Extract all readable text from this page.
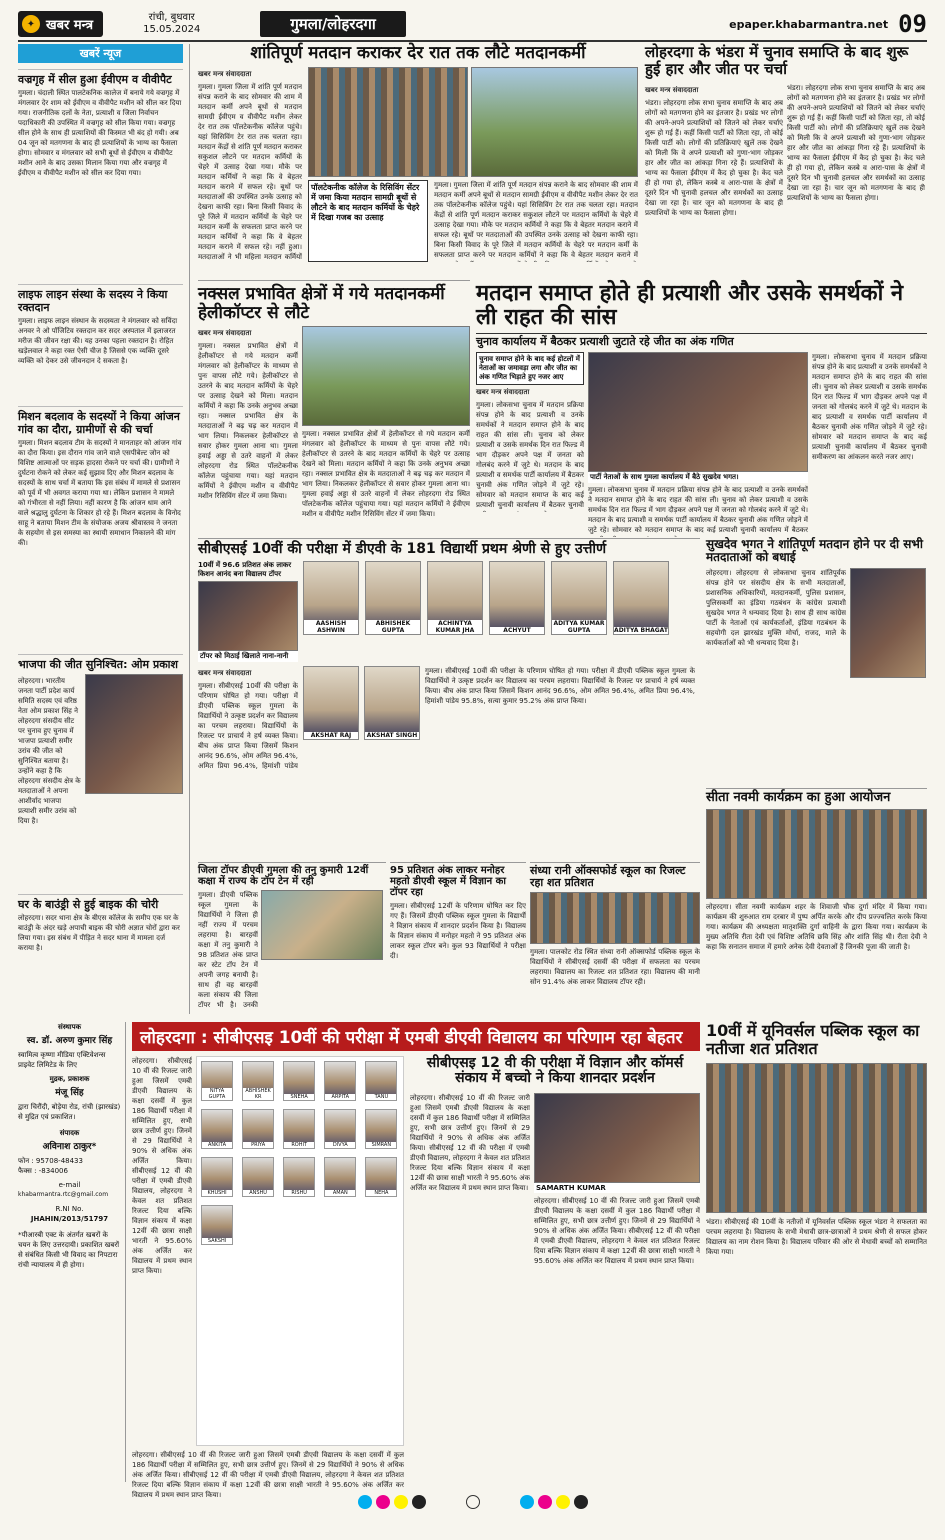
✦ खबर मन्त्र
रांची, बुधवार
15.05.2024	गुमला/लोहरदगा	epaper.khabarmantra.net 09
खबरें न्यूज
वज्रगृह में सील हुआ ईवीएम व वीवीपैट
गुमला। चंदाली स्थित पालटेकनिक कालेज में बनाये गये वज्रगृह में मंगलवार देर शाम को ईवीएम व वीवीपैट मशीन को सील कर दिया गया। राजनीतिक दलों के नेता, प्रत्याशी व जिला निर्वाचन पदाधिकारी की उपस्थित में वज्रगृह को सील किया गया। वज्रगृह सील होने के साथ ही प्रत्याशियों की किस्मत भी बंद हो गयी। अब 04 जून को मतगणना के बाद ही प्रत्याशियों के भाग्य का फैसला होगा। सोमवार व मंगलवार को सभी बूथों से ईवीएम व वीवीपैट मशीन आने के बाद उसका मिलान किया गया और वज्रगृह में ईवीएम व वीवीपैट मशीन को सील कर दिया गया।
लाइफ लाइन संस्था के सदस्य ने किया रक्तदान
गुमला। लाइफ लाइन संस्थान के सदस्यता ने मंगलवार को सविंदा अनवर ने ओ पॉजिटिव रक्तदान कर सदर अस्पताल में इलाजरत मरीज की जीवन रक्षा की। यह उनका पहला रक्तदान है। रोहित खड़ेलवाल ने कहा रक्त ऐसी चीज है जिससे एक व्यक्ति दूसरे व्यक्ति को देकर उसे जीवनदान दे सकता है।
मिशन बदलाव के सदस्यों ने किया आंजन गांव का दौरा, ग्रामीणों से की चर्चा
गुमला। मिशन बदलाव टीम के सदस्यों ने मानताहर को आंजन गांव का दौरा किया। इस दौरान गांव जाने वाले एसपीबेल्ट जोन को विशिष्ट आत्माओं पर सड़क हादसा रोकने पर चर्चा की। ग्रामीणों ने दुर्घटना रोकने को लेकर कई सुझाव दिए और मिशन बदलाव के सदस्यों के साथ चर्चा में बताया कि इस संबंध में मामले से प्रशासन को पूर्व में भी अवगत कराया गया था। लेकिन प्रशासन ने मामले को गंभीरता से नहीं लिया। नहीं कारण है कि आंजन धाम आने वाले श्रद्धालु दुर्घटना के शिकार हो रहे हैं। मिशन बदलाव के विनोद साहू ने बताया मिशन टीम के संयोजक अजय श्रीवास्तव ने जनता के सहयोग से इस समस्या का स्थायी समाधान निकालने की मांग की।
भाजपा की जीत सुनिश्चित: ओम प्रकाश
लोहरदगा। भारतीय जनता पार्टी प्रदेश कार्य समिति सदस्य एवं वरिष्ठ नेता ओम प्रकाश सिंह ने लोहरदगा संसदीय सीट पर चुनाव हुए चुनाव में भाजपा प्रत्याशी समीर उरांव की जीत को सुनिश्चित बताया है। उन्होंने कहा है कि लोहरदगा संसदीय क्षेत्र के मतदाताओं ने अपना आशीर्वाद भाजपा प्रत्याशी समीर उरांव को दिया है।
घर के बाउंड्री से हुई बाइक की चोरी
लोहरदगा। सदर थाना क्षेत्र के बीएस कॉलेज के समीप एक घर के बाउंड्री के अंदर खड़े अपाची बाइक की चोरी अज्ञात चोरों द्वारा कर लिया गया। इस संबंध में पीड़ित ने सदर थाना में मामला दर्ज कराया है।
शांतिपूर्ण मतदान कराकर देर रात तक लौटे मतदानकर्मी
खबर मन्त्र संवाददाता
गुमला। गुमला जिला में शांति पूर्ण मतदान संपन्न कराने के बाद सोमवार की शाम में मतदान कर्मी अपने बूथों से मतदान सामग्री ईवीएम व वीवीपैट मशीन लेकर देर रात तक पॉलटेकनीक कॉलेज पहुंचे। यहां सिसिविंग टेर रात तक चलता रहा। मतदान केंद्रों से शांति पूर्ण मतदान कराकर सकुशल लौटने पर मतदान कर्मियों के चेहरे में उत्साह देखा गया। मौके पर मतदान कर्मियों ने कहा कि वे बेहतर मतदान कराने में सफल रहे। बूथों पर मतदाताओं की उपस्थित उनके उत्साह को देखना काफी रहा। बिना किसी विवाद के पूरे जिले में मतदान कर्मियों के चेहरे पर मतदान कर्मी के सफलता प्राप्त करने पर मतदान कर्मियों ने कहा कि वे बेहतर मतदान कराने में सफल रहे। नहीं हुआ। मतदाताओं ने भी महिला मतदान कर्मियों
पॉलटेकनीक कॉलेज के रिसिविंग सेंटर में जमा किया मतदान सामग्री बूथों से लौटने के बाद मतदान कर्मियों के चेहरे में दिखा गजब का उत्साह
गुमला। गुमला जिला में शांति पूर्ण मतदान संपन्न कराने के बाद सोमवार की शाम में मतदान कर्मी अपने बूथों से मतदान सामग्री ईवीएम व वीवीपैट मशीन लेकर देर रात तक पॉलटेकनीक कॉलेज पहुंचे। यहां सिसिविंग टेर रात तक चलता रहा। मतदान केंद्रों से शांति पूर्ण मतदान कराकर सकुशल लौटने पर मतदान कर्मियों के चेहरे में उत्साह देखा गया। मौके पर मतदान कर्मियों ने कहा कि वे बेहतर मतदान कराने में सफल रहे। बूथों पर मतदाताओं की उपस्थित उनके उत्साह को देखना काफी रहा। बिना किसी विवाद के पूरे जिले में मतदान कर्मियों के चेहरे पर मतदान कर्मी के सफलता प्राप्त करने पर मतदान कर्मियों ने कहा कि वे बेहतर मतदान कराने में
लोहरदगा के भंडरा में चुनाव समाप्ति के बाद शुरू हुई हार और जीत पर चर्चा
खबर मन्त्र संवाददाता
भंडरा। लोहरदगा लोक सभा चुनाव समाप्ति के बाद अब लोगों को मतगणना होने का इंतजार है। प्रखंड भर लोगों की अपने-अपने प्रत्याशियों को जितने को लेकर चर्चाएं शुरू हो गई हैं। कहीं किसी पार्टी को जिता रहा, तो कोई किसी पार्टी को। लोगों की प्रतिक्रियाएं खुलें तक देखने को मिली कि वे अपने प्रत्याशी को गुणा-भाग जोड़कर हार और जीत का आंकड़ा गिना रहे हैं। प्रत्याशियों के भाग्य का फैसला ईवीएम में कैद हो चुका है। केद चले ही हो गया हो, लेकिन कस्बे व आरा-पास के क्षेत्रों में दूसरे दिन भी चुनावी हलचल और समर्थकों का उत्साह देखा जा रहा है। चार जून को मतगणना के बाद ही प्रत्याशियों के भाग्य का फैसला होगा।
भंडरा। लोहरदगा लोक सभा चुनाव समाप्ति के बाद अब लोगों को मतगणना होने का इंतजार है। प्रखंड भर लोगों की अपने-अपने प्रत्याशियों को जितने को लेकर चर्चाएं शुरू हो गई हैं। कहीं किसी पार्टी को जिता रहा, तो कोई किसी पार्टी को। लोगों की प्रतिक्रियाएं खुलें तक देखने को मिली कि वे अपने प्रत्याशी को गुणा-भाग जोड़कर हार और जीत का आंकड़ा गिना रहे हैं। प्रत्याशियों के भाग्य का फैसला ईवीएम में कैद हो चुका है। केद चले ही हो गया हो, लेकिन कस्बे व आरा-पास के क्षेत्रों में दूसरे दिन भी चुनावी हलचल और समर्थकों का उत्साह देखा जा रहा है। चार जून को मतगणना के बाद ही प्रत्याशियों के भाग्य का फैसला होगा।
नक्सल प्रभावित क्षेत्रों में गये मतदानकर्मी हेलीकॉप्टर से लौटे
खबर मन्त्र संवाददाता
गुमला। नक्सल प्रभावित क्षेत्रों में हेलीकॉप्टर से गये मतदान कर्मी मंगलवार को हेलीकॉप्टर के माध्यम से पुनः वापस लौटे गये। हेलीकॉप्टर से उतरने के बाद मतदान कर्मियों के चेहरे पर उत्साह देखने को मिला। मतदान कर्मियों ने कहा कि उनके अनुभव अच्छा रहा। नक्सल प्रभावित क्षेत्र के मतदाताओं ने बढ़ चढ़ कर मतदान में भाग लिया। निकलकर हेलीकॉप्टर से सवार होकर गुमला आना था। गुमला हवाई अड्डा से उतरे वाहनों में लेकर लोहरदगा रोड स्थित पॉलटेकनीक कॉलेज पहुंचाया गया। यहां मतदान कर्मियों ने ईवीएम मशीन व वीवीपैट मशीन रिसिविंग सेंटर में जमा किया।
गुमला। नक्सल प्रभावित क्षेत्रों में हेलीकॉप्टर से गये मतदान कर्मी मंगलवार को हेलीकॉप्टर के माध्यम से पुनः वापस लौटे गये। हेलीकॉप्टर से उतरने के बाद मतदान कर्मियों के चेहरे पर उत्साह देखने को मिला। मतदान कर्मियों ने कहा कि उनके अनुभव अच्छा रहा। नक्सल प्रभावित क्षेत्र के मतदाताओं ने बढ़ चढ़ कर मतदान में भाग लिया। निकलकर हेलीकॉप्टर से सवार होकर गुमला आना था। गुमला हवाई अड्डा से उतरे वाहनों में लेकर लोहरदगा रोड स्थित पॉलटेकनीक कॉलेज पहुंचाया गया। यहां मतदान कर्मियों ने ईवीएम मशीन व वीवीपैट मशीन रिसिविंग सेंटर में जमा किया।
मतदान समाप्त होते ही प्रत्याशी और उसके समर्थकों ने ली राहत की सांस
चुनाव कार्यालय में बैठकर प्रत्याशी जुटाते रहे जीत का अंक गणित
चुनाव समाप्त होने के बाद कई होटलों में नेताओं का जमावड़ा लगा और जीत का अंक गणित भिड़ाते हुए नजर आए
खबर मन्त्र संवाददाता
गुमला। लोकसभा चुनाव में मतदान प्रक्रिया संपन्न होने के बाद प्रत्याशी व उनके समर्थकों ने मतदान समाप्त होने के बाद राहत की सांस ली। चुनाव को लेकर प्रत्याशी व उसके समर्थक दिन रात फिल्ड में भाग दौड़कर अपने पक्ष में जनता को गोलबंद करने में जुटे थे। मतदान के बाद प्रत्याशी व समर्थक पार्टी कार्यालय में बैठकर चुनावी अंक गणित जोड़ने में जुटे रहे। सोमवार को मतदान समाप्त के बाद कई प्रत्याशी चुनावी कार्यालय में बैठकर चुनावी
पार्टी नेताओं के साथ गुमला कार्यालय में बैठे सुखदेव भगत।
गुमला। लोकसभा चुनाव में मतदान प्रक्रिया संपन्न होने के बाद प्रत्याशी व उनके समर्थकों ने मतदान समाप्त होने के बाद राहत की सांस ली। चुनाव को लेकर प्रत्याशी व उसके समर्थक दिन रात फिल्ड में भाग दौड़कर अपने पक्ष में जनता को गोलबंद करने में जुटे थे। मतदान के बाद प्रत्याशी व समर्थक पार्टी कार्यालय में बैठकर चुनावी अंक गणित जोड़ने में जुटे रहे। सोमवार को मतदान समाप्त के बाद कई प्रत्याशी चुनावी कार्यालय में बैठकर
गुमला। लोकसभा चुनाव में मतदान प्रक्रिया संपन्न होने के बाद प्रत्याशी व उनके समर्थकों ने मतदान समाप्त होने के बाद राहत की सांस ली। चुनाव को लेकर प्रत्याशी व उसके समर्थक दिन रात फिल्ड में भाग दौड़कर अपने पक्ष में जनता को गोलबंद करने में जुटे थे। मतदान के बाद प्रत्याशी व समर्थक पार्टी कार्यालय में बैठकर चुनावी अंक गणित जोड़ने में जुटे रहे। सोमवार को मतदान समाप्त के बाद कई प्रत्याशी चुनावी कार्यालय में बैठकर चुनावी समीकरण का आंकलन करते नजर आए।
सीबीएसई 10वीं की परीक्षा में डीएवी के 181 विद्यार्थी प्रथम श्रेणी से हुए उत्तीर्ण
10वीं में 96.6 प्रतिशत अंक लाकर किशन आनंद बना विद्यालय टॉपर
टॉपर को मिठाई खिलाते नाना-नानी
AASHISH ASHWIN
ABHISHEK GUPTA
ACHINTYA KUMAR JHA	ACHYUT
ADITYA KUMAR GUPTA	ADITYA BHAGAT
खबर मन्त्र संवाददाता
गुमला। सीबीएसई 10वीं की परीक्षा के परिणाम घोषित हो गया। परीक्षा में डीएवी पब्लिक स्कूल गुमला के विद्यार्थियों ने उत्कृष्ट प्रदर्शन कर विद्यालय का परचम लहराया। विद्यार्थियों के रिजल्ट पर प्राचार्य ने हर्ष व्यक्त किया। बीच अंक प्राप्त किया जिसमें किशन आनंद 96.6%, ओम अमित 96.4%, अमित प्रिया 96.4%, हिमांशी पांडेय
AKSHAT RAJ	AKSHAT SINGH
गुमला। सीबीएसई 10वीं की परीक्षा के परिणाम घोषित हो गया। परीक्षा में डीएवी पब्लिक स्कूल गुमला के विद्यार्थियों ने उत्कृष्ट प्रदर्शन कर विद्यालय का परचम लहराया। विद्यार्थियों के रिजल्ट पर प्राचार्य ने हर्ष व्यक्त किया। बीच अंक प्राप्त किया जिसमें किशन आनंद 96.6%, ओम अमित 96.4%, अमित प्रिया 96.4%, हिमांशी पांडेय 95.8%, सत्या कुमार 95.2% अंक प्राप्त किया।
सुखदेव भगत ने शांतिपूर्ण मतदान होने पर दी सभी मतदाताओं को बधाई
लोहरदगा। लोहरदगा से लोकसभा चुनाव शांतिपूर्वक संपन्न होने पर संसदीय क्षेत्र के सभी मतदाताओं, प्रशासनिक अधिकारियों, मतदानकर्मी, पुलिस प्रशासन, पुलिसकर्मी का इंडिया गठबंधन के कांग्रेस प्रत्याशी सुखदेव भगत ने धन्यवाद दिया है। साथ ही साथ कांग्रेस पार्टी के नेताओं एवं कार्यकर्ताओं, इंडिया गठबंधन के सहयोगी दल झारखंड मुक्ति मोर्चा, राजद, माले के कार्यकर्ताओं को भी धन्यवाद दिया है।
सीता नवमी कार्यक्रम का हुआ आयोजन
लोहरदगा। सीता नवमी कार्यक्रम शहर के शिवाजी चौक दुर्गा मंदिर में किया गया। कार्यक्रम की शुरुआत राम दरबार में पुष्प अर्पित करके और दीप प्रज्ज्वलित करके किया गया। कार्यक्रम की अध्यक्षता मातृशक्ति दुर्गा वाहिनी के द्वारा किया गया। कार्यक्रम के मुख्य अतिथि रीता देवी एवं विशिष्ट अतिथि छवि सिंह और शांति सिंह थी। रीता देवी ने कहा कि सनातन समाज में हमारे अनेक देवी देवताओं हैं जिनकी पूजा की जाती है।
जिला टॉपर डीएवी गुमला की तनु कुमारी 12वीं कक्षा में राज्य के टॉप टेन में रही
गुमला। डीएवी पब्लिक स्कूल गुमला के विद्यार्थियों ने जिला ही नहीं राज्य में परचम लहराया है। बारहवीं कक्षा में तनु कुमारी ने 98 प्रतिशत अंक प्राप्त कर स्टेट टॉप टेन में अपनी जगह बनायी है। साथ ही वह बारहवीं कला संकाय की जिला टॉपर भी है। उनकी
95 प्रतिशत अंक लाकर मनोहर महतो डीएवी स्कूल में विज्ञान का टॉपर रहा
गुमला। सीबीएसई 12वीं के परिणाम घोषित कर दिए गए हैं। जिसमें डीएवी पब्लिक स्कूल गुमला के विद्यार्थी ने विज्ञान संकाय में शानदार प्रदर्शन किया है। विद्यालय के विज्ञान संकाय में मनोहर महतो ने 95 प्रतिशत अंक लाकर स्कूल टॉपर बने। कुल 93 विद्यार्थियों ने परीक्षा दी।
संध्या रानी ऑक्सफोर्ड स्कूल का रिजल्ट रहा शत प्रतिशत
गुमला। पालकोट रोड स्थित संध्या रानी ऑक्सफोर्ड पब्लिक स्कूल के विद्यार्थियों ने सीबीएसई दसवीं की परीक्षा में सफलता का परचम लहराया। विद्यालय का रिजल्ट शत प्रतिशत रहा। विद्यालय की मानी सोन 91.4% अंक लाकर विद्यालय टॉपर रही।
संस्थापक
स्व. डॉ. अरुण कुमार सिंह
स्वामित्व कृष्णा मीडिया एक्टिवेशन्स प्राइवेट लिमिटेड के लिए
मुद्रक, प्रकाशक
मंजू सिंह
द्वारा चिरौंदी, बोड़ेया रोड, रांची (झारखंड) से मुद्रित एवं प्रकाशित।
संपादक
अविनाश ठाकुर*
फोन : 95708-48433
फैक्स : -834006
e-mail
khabarmantra.rtc@gmail.com
R.NI No.
JHAHIN/2013/51797
*पीआरबी एक्ट के अंतर्गत खबरों के चयन के लिए उत्तरदायी। प्रकाशित खबरों से संबंधित किसी भी विवाद का निपटारा रांची न्यायालय में ही होगा।
लोहरदगा : सीबीएसइ 10वीं की परीक्षा में एमबी डीएवी विद्यालय का परिणाम रहा बेहतर
लोहरदगा। सीबीएसई 10 वीं की रिजल्ट जारी हुआ जिसमें एमबी डीएवी विद्यालय के कक्षा दसवीं में कुल 186 विद्यार्थी परीक्षा में सम्मिलित हुए, सभी छात्र उत्तीर्ण हुए। जिनमें से 29 विद्यार्थियों ने 90% से अधिक अंक अर्जित किया। सीबीएसई 12 वीं की परीक्षा में एमबी डीएवी विद्यालय, लोहरदगा ने केवल शत प्रतिशत रिजल्ट दिया बल्कि विज्ञान संकाय में कक्षा 12वीं की छात्रा साक्षी भारती ने 95.60% अंक अर्जित कर विद्यालय में प्रथम स्थान प्राप्त किया।
NITYA GUPTA

ABHISHEK KR
	SNEHA
	ARPITA
	TANU

ANKITA
	PRIYA
	ROHIT
	DIVYA
	SIMRAN

KHUSHI
	ANSHU
	RISHU
	AMAN
	NEHA

SAKSHI
लोहरदगा। सीबीएसई 10 वीं की रिजल्ट जारी हुआ जिसमें एमबी डीएवी विद्यालय के कक्षा दसवीं में कुल 186 विद्यार्थी परीक्षा में सम्मिलित हुए, सभी छात्र उत्तीर्ण हुए। जिनमें से 29 विद्यार्थियों ने 90% से अधिक अंक अर्जित किया। सीबीएसई 12 वीं की परीक्षा में एमबी डीएवी विद्यालय, लोहरदगा ने केवल शत प्रतिशत रिजल्ट दिया बल्कि विज्ञान संकाय में कक्षा 12वीं की छात्रा साक्षी भारती ने 95.60% अंक अर्जित कर विद्यालय में प्रथम स्थान प्राप्त किया।
सीबीएसइ 12 वी की परीक्षा में विज्ञान और कॉमर्स संकाय में बच्चो ने किया शानदार प्रदर्शन
लोहरदगा। सीबीएसई 10 वीं की रिजल्ट जारी हुआ जिसमें एमबी डीएवी विद्यालय के कक्षा दसवीं में कुल 186 विद्यार्थी परीक्षा में सम्मिलित हुए, सभी छात्र उत्तीर्ण हुए। जिनमें से 29 विद्यार्थियों ने 90% से अधिक अंक अर्जित किया। सीबीएसई 12 वीं की परीक्षा में एमबी डीएवी विद्यालय, लोहरदगा ने केवल शत प्रतिशत रिजल्ट दिया बल्कि विज्ञान संकाय में कक्षा 12वीं की छात्रा साक्षी भारती ने 95.60% अंक अर्जित कर विद्यालय में प्रथम स्थान प्राप्त किया। SAMARTH KUMAR
लोहरदगा। सीबीएसई 10 वीं की रिजल्ट जारी हुआ जिसमें एमबी डीएवी विद्यालय के कक्षा दसवीं में कुल 186 विद्यार्थी परीक्षा में सम्मिलित हुए, सभी छात्र उत्तीर्ण हुए। जिनमें से 29 विद्यार्थियों ने 90% से अधिक अंक अर्जित किया। सीबीएसई 12 वीं की परीक्षा में एमबी डीएवी विद्यालय, लोहरदगा ने केवल शत प्रतिशत रिजल्ट दिया बल्कि विज्ञान संकाय में कक्षा 12वीं की छात्रा साक्षी भारती ने 95.60% अंक अर्जित कर विद्यालय में प्रथम स्थान प्राप्त किया।
10वीं में यूनिवर्सल पब्लिक स्कूल का नतीजा शत प्रतिशत
भंडरा। सीबीएसई की 10वीं के नतीजों में यूनिवर्सल पब्लिक स्कूल भंडरा ने सफलता का परचम लहराया है। विद्यालय के सभी मेधावी छात्र-छात्राओं ने प्रथम श्रेणी से सफल होकर विद्यालय का नाम रोशन किया है। विद्यालय परिवार की ओर से मेधावी बच्चों को सम्मानित किया गया।
